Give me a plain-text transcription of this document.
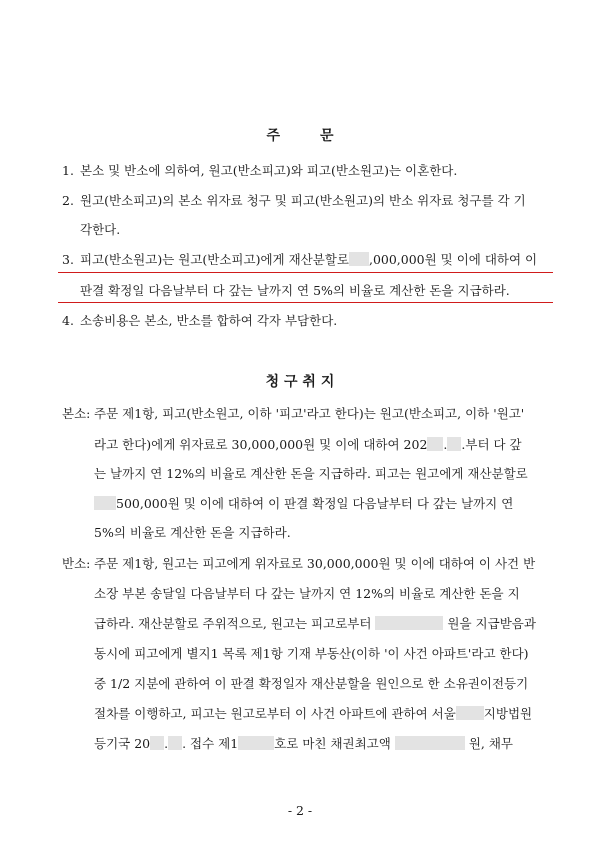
주	문
1. 본소 및 반소에 의하여, 원고(반소피고)와 피고(반소원고)는 이혼한다.
2. 원고(반소피고)의 본소 위자료 청구 및 피고(반소원고)의 반소 위자료 청구를 각 기
각한다.
3. 피고(반소원고)는 원고(반소피고)에게 재산분할로 ,000,000원 및 이에 대하여 이
판결 확정일 다음날부터 다 갚는 날까지 연 5%의 비율로 계산한 돈을 지급하라.
4. 소송비용은 본소, 반소를 합하여 각자 부담한다.
청 구 취 지
본소: 주문 제1항, 피고(반소원고, 이하 '피고'라고 한다)는 원고(반소피고, 이하 '원고'
라고 한다)에게 위자료로 30,000,000원 및 이에 대하여 202 . .부터 다 갚
는 날까지 연 12%의 비율로 계산한 돈을 지급하라. 피고는 원고에게 재산분할로
500,000원 및 이에 대하여 이 판결 확정일 다음날부터 다 갚는 날까지 연
5%의 비율로 계산한 돈을 지급하라.
반소: 주문 제1항, 원고는 피고에게 위자료로 30,000,000원 및 이에 대하여 이 사건 반
소장 부본 송달일 다음날부터 다 갚는 날까지 연 12%의 비율로 계산한 돈을 지
급하라. 재산분할로 주위적으로, 원고는 피고로부터	원을 지급받음과
동시에 피고에게 별지1 목록 제1항 기재 부동산(이하 '이 사건 아파트'라고 한다)
중 1/2 지분에 관하여 이 판결 확정일자 재산분할을 원인으로 한 소유권이전등기
절차를 이행하고, 피고는 원고로부터 이 사건 아파트에 관하여 서울 지방법원
등기국 20 . . 접수 제1	호로 마친 채권최고액	원, 채무
- 2 -
